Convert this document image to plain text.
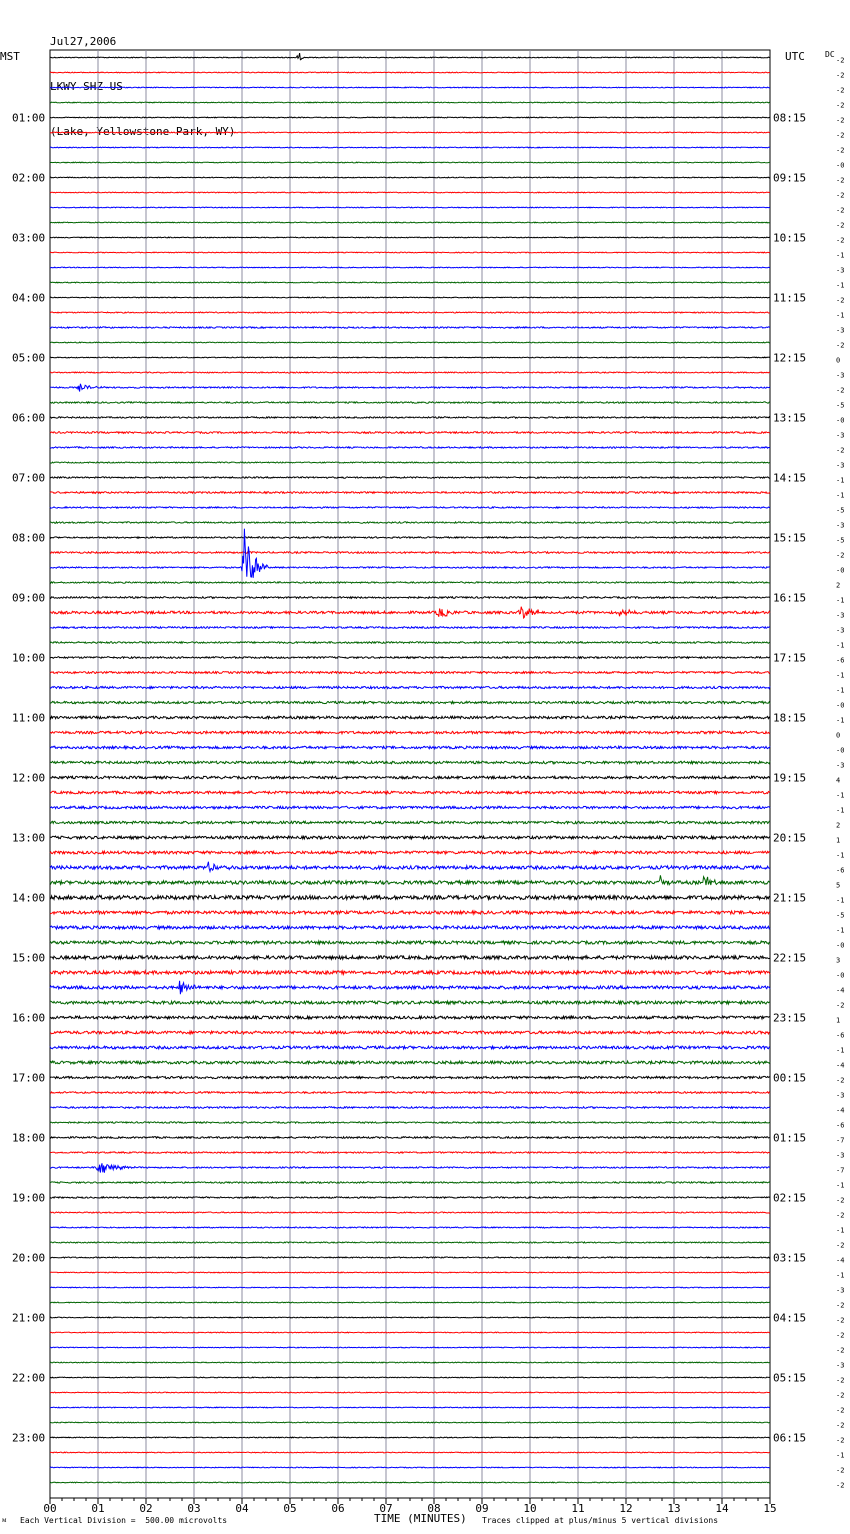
Jul27,2006

LKWY SHZ US

(Lake, Yellowstone Park, WY)

MST	UTC	DC
01:00
02:00
03:00
04:00
05:00
06:00
07:00
08:00
09:00
10:00
11:00
12:00
13:00
14:00
15:00
16:00
17:00
18:00
19:00
20:00
21:00
22:00
23:00
08:15
09:15
10:15
11:15
12:15
13:15
14:15
15:15
16:15
17:15
18:15
19:15
20:15
21:15
22:15
23:15
00:15
01:15
02:15
03:15
04:15
05:15
06:15
-2
-2
-2
-2
-2
-2
-2
-0
-2
-2
-2
-2
-2
-1
-3
-1
-2
-1
-3
-2
0
-3
-2
-5
-0
-3
-2
-3
-1
-1
-5
-3
-5
-2
-0
2
-1
-3
-3
-1
-6
-1
-1
-0
-1
0
-0
-3
4
-1
-1
2
1
-1
-6
5
-1
-5
-1
-0
3
-0
-4
-2
1
-6
-1
-4
-2
-3
-4
-6
-7
-3
-7
-1
-2
-2
-1
-2
-4
-1
-3
-2
-2
-2
-2
-3
-2
-2
-2
-2
-2
-1
-2
-2
00	01	02	03	04	05	06	07	08	09	10	11	12	13	14	15
ᴍ Each Vertical Division =  500.00 microvolts	TIME (MINUTES) Traces clipped at plus/minus 5 vertical divisions
